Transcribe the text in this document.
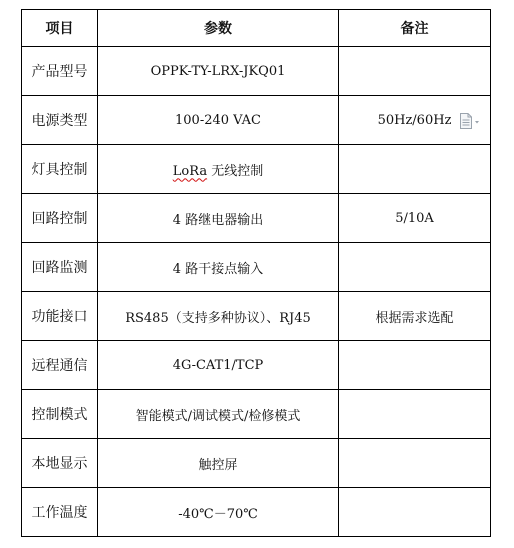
项目	参数	备注
产品型号	OPPK-TY-LRX-JKQ01	
电源类型	100-240 VAC	50Hz/60Hz
灯具控制	LoRa 无线控制	
回路控制	4 路继电器输出	5/10A
回路监测	4 路干接点输入	
功能接口	RS485（支持多种协议）、RJ45	根据需求选配
远程通信	4G-CAT1/TCP	
控制模式	智能模式/调试模式/检修模式	
本地显示	触控屏	
工作温度	-40℃－70℃	
